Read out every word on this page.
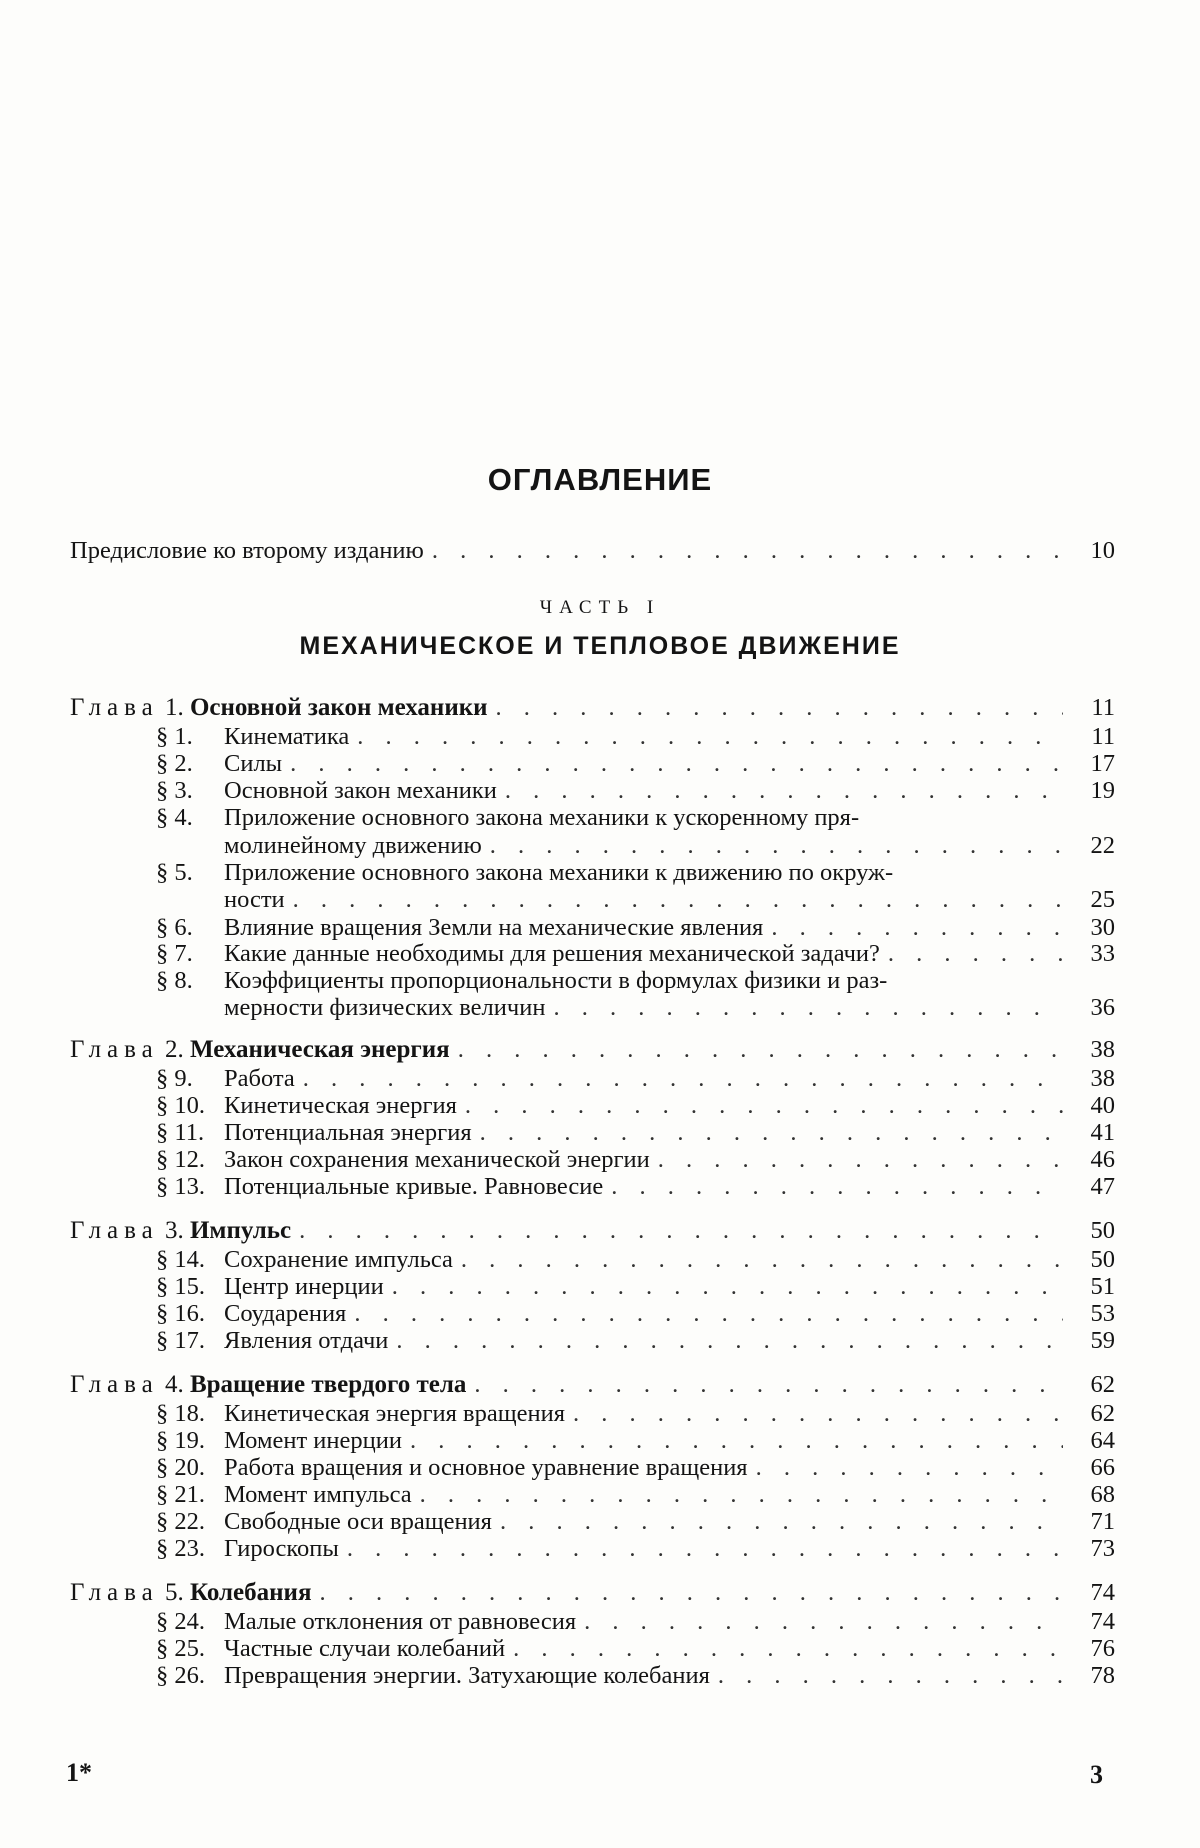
ОГЛАВЛЕНИЕ
Предисловие ко второму изданию . . .	10
ЧАСТЬ I
МЕХАНИЧЕСКОЕ И ТЕПЛОВОЕ ДВИЖЕНИЕ
Глава 1. Основной закон механики . . .	11
§ 1. Кинематика . . .	11
§ 2. Силы . . .	17
§ 3. Основной закон механики . . .	19
§ 4. Приложение основного закона механики к ускоренному пря-
молинейному движению . . .	22
§ 5. Приложение основного закона механики к движению по окруж-
ности . . .	25
§ 6. Влияние вращения Земли на механические явления . . .	30
§ 7. Какие данные необходимы для решения механической задачи? . . .	33
§ 8. Коэффициенты пропорциональности в формулах физики и раз-
мерности физических величин . . .	36
Глава 2. Механическая энергия . . .	38
§ 9. Работа . . .	38
§ 10. Кинетическая энергия . . .	40
§ 11. Потенциальная энергия . . .	41
§ 12. Закон сохранения механической энергии . . .	46
§ 13. Потенциальные кривые. Равновесие . . .	47
Глава 3. Импульс . . .	50
§ 14. Сохранение импульса . . .	50
§ 15. Центр инерции . . .	51
§ 16. Соударения . . .	53
§ 17. Явления отдачи . . .	59
Глава 4. Вращение твердого тела . . .	62
§ 18. Кинетическая энергия вращения . . .	62
§ 19. Момент инерции . . .	64
§ 20. Работа вращения и основное уравнение вращения . . .	66
§ 21. Момент импульса . . .	68
§ 22. Свободные оси вращения . . .	71
§ 23. Гироскопы . . .	73
Глава 5. Колебания . . .	74
§ 24. Малые отклонения от равновесия . . .	74
§ 25. Частные случаи колебаний . . .	76
§ 26. Превращения энергии. Затухающие колебания . . .	78
1*	3
